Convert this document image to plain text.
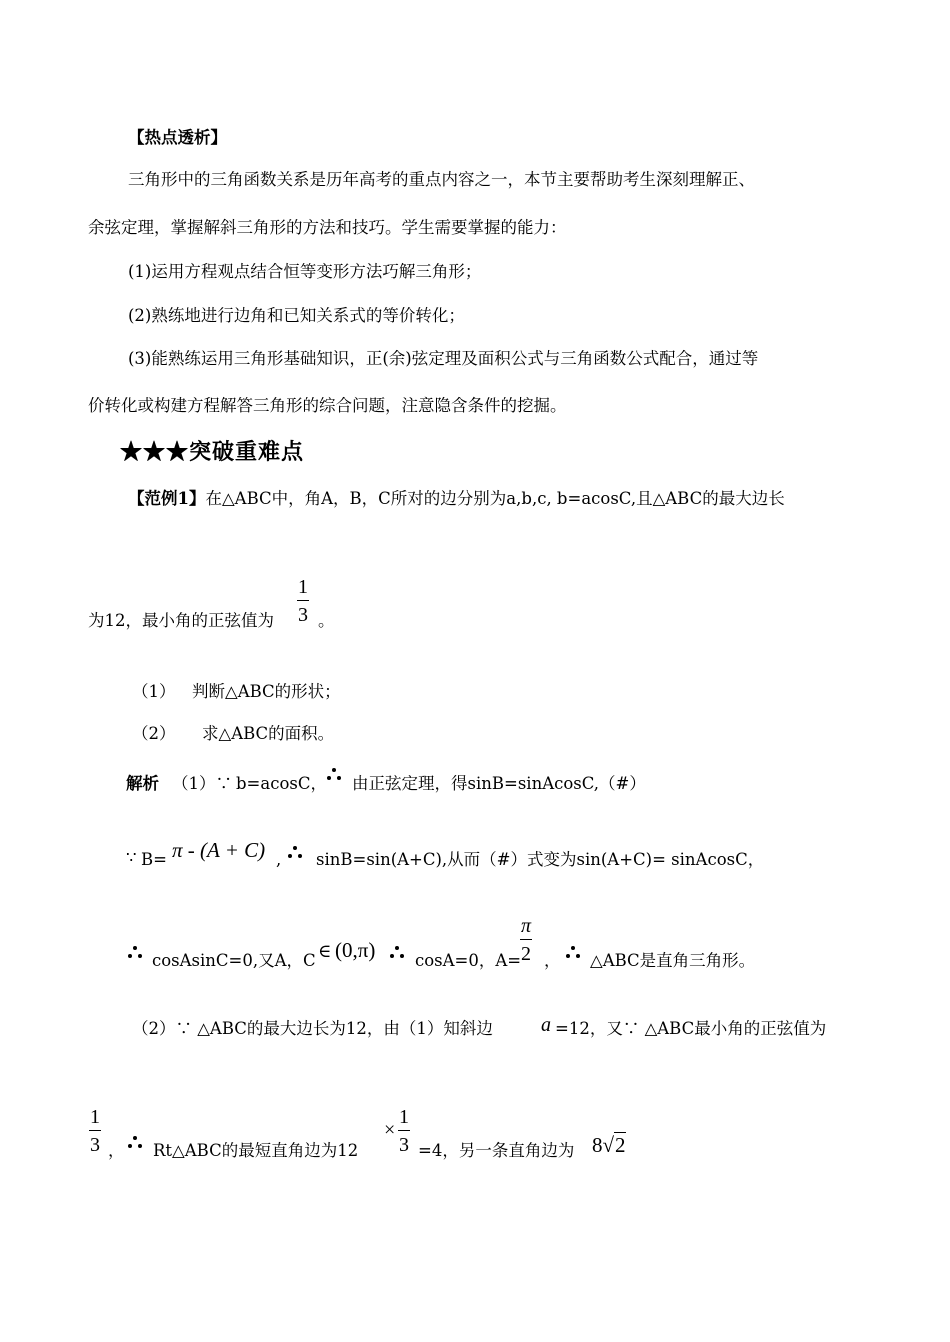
【热点透析】
三角形中的三角函数关系是历年高考的重点内容之一，本节主要帮助考生深刻理解正、
余弦定理，掌握解斜三角形的方法和技巧。学生需要掌握的能力：
(1)运用方程观点结合恒等变形方法巧解三角形；
(2)熟练地进行边角和已知关系式的等价转化；
(3)能熟练运用三角形基础知识，正(余)弦定理及面积公式与三角函数公式配合，通过等
价转化或构建方程解答三角形的综合问题，注意隐含条件的挖掘。
★★★突破重难点
【范例1】在△ABC中，角A，B，C所对的边分别为a,b,c, b=acosC,且△ABC的最大边长
为12，最小角的正弦值为
1
3 。
（1） 判断△ABC的形状；
（2） 求△ABC的面积。
解析 （1）∵ b=acosC， 由正弦定理，得sinB=sinAcosC,（#）
∵ B= π - (A + C) , sinB=sin(A+C),从而（#）式变为sin(A+C)= sinAcosC，
cosAsinC=0,又A，C ∈ (0,π) cosA=0，A=
π
2 ， △ABC是直角三角形。
（2）∵ △ABC的最大边长为12，由（1）知斜边 a =12，又∵ △ABC最小角的正弦值为
1
3 ， Rt△ABC的最短直角边为12
×
1
3 =4，另一条直角边为 8√2
